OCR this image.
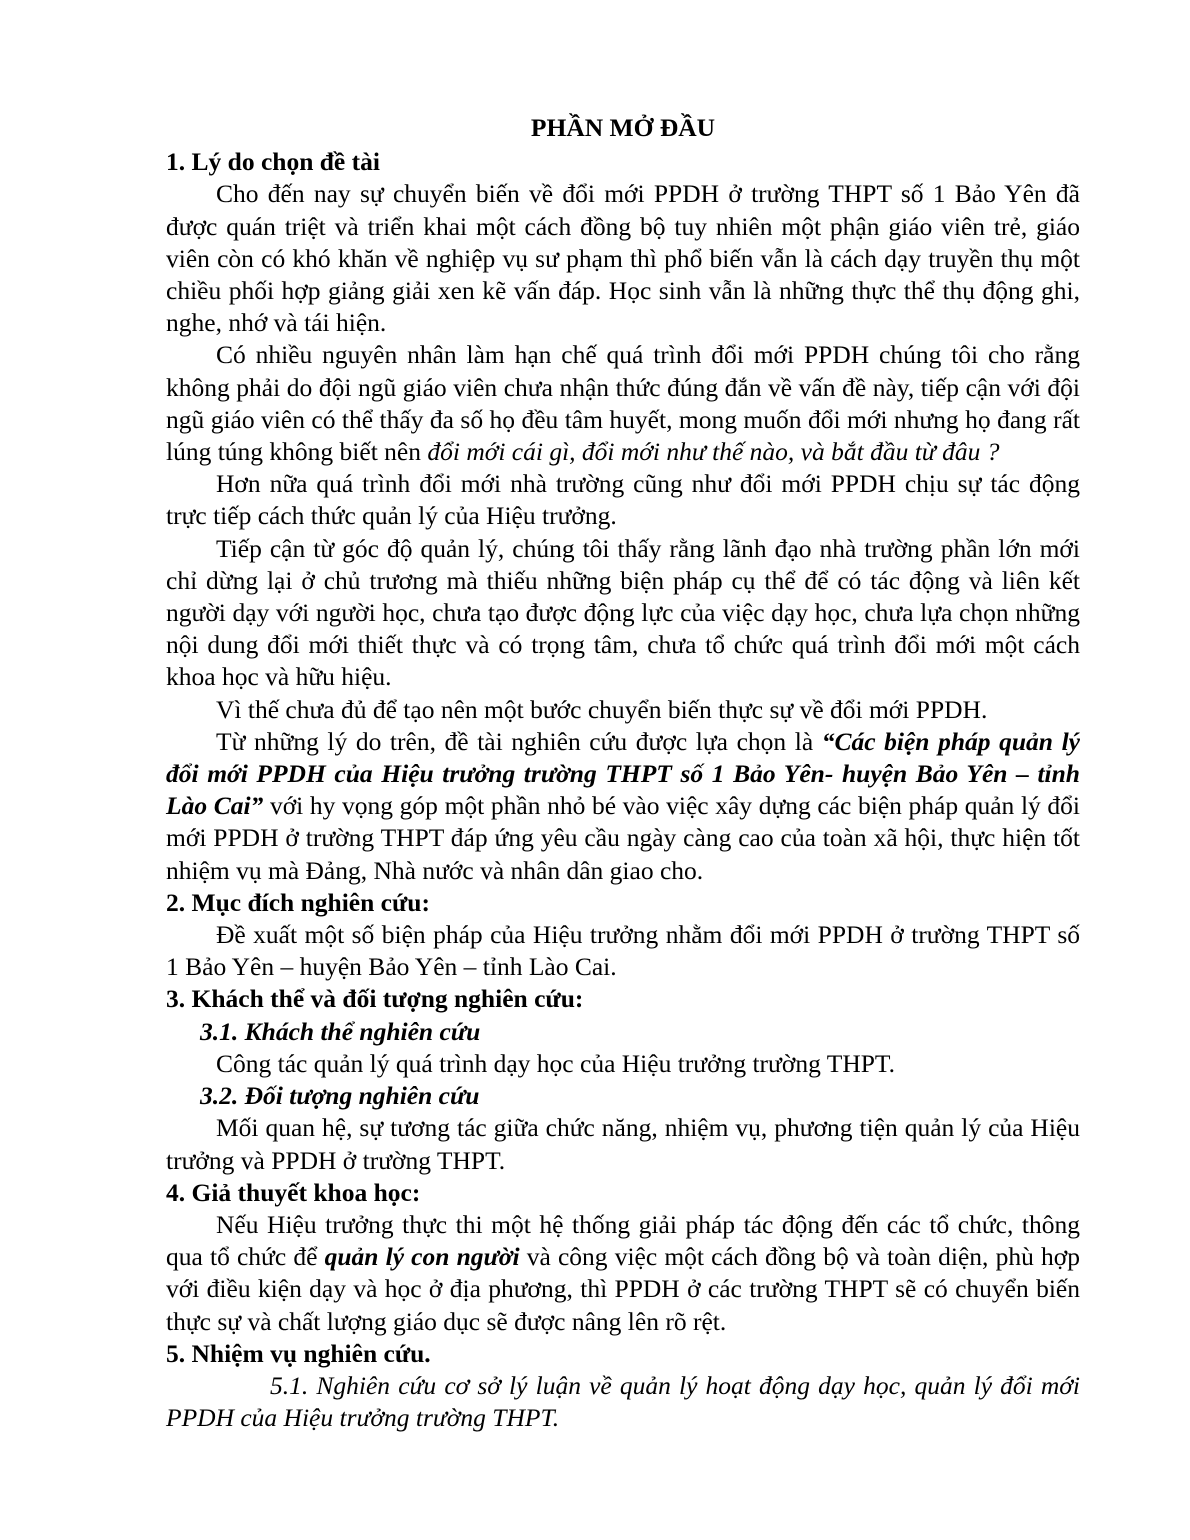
PHẦN MỞ ĐẦU
1. Lý do chọn đề tài

Cho đến nay sự chuyển biến về đổi mới PPDH ở trường THPT số 1 Bảo Yên đã được quán triệt và triển khai một cách đồng bộ tuy nhiên một phận giáo viên trẻ, giáo viên còn có khó khăn về nghiệp vụ sư phạm thì phổ biến vẫn là cách dạy truyền thụ một chiều phối hợp giảng giải xen kẽ vấn đáp. Học sinh vẫn là những thực thể thụ động ghi, nghe, nhớ và tái hiện.

Có nhiều nguyên nhân làm hạn chế quá trình đổi mới PPDH chúng tôi cho rằng không phải do đội ngũ giáo viên chưa nhận thức đúng đắn về vấn đề này, tiếp cận với đội ngũ giáo viên có thể thấy đa số họ đều tâm huyết, mong muốn đổi mới nhưng họ đang rất lúng túng không biết nên đổi mới cái gì, đổi mới như thế nào, và bắt đầu từ đâu ?

Hơn nữa quá trình đổi mới nhà trường cũng như đổi mới PPDH chịu sự tác động trực tiếp cách thức quản lý của Hiệu trưởng.

Tiếp cận từ góc độ quản lý, chúng tôi thấy rằng lãnh đạo nhà trường phần lớn mới chỉ dừng lại ở chủ trương mà thiếu những biện pháp cụ thể để có tác động và liên kết người dạy với người học, chưa tạo được động lực của việc dạy học, chưa lựa chọn những nội dung đổi mới thiết thực và có trọng tâm, chưa tổ chức quá trình đổi mới một cách khoa học và hữu hiệu.

Vì thế chưa đủ để tạo nên một bước chuyển biến thực sự về đổi mới PPDH.

Từ những lý do trên, đề tài nghiên cứu được lựa chọn là “Các biện pháp quản lý đổi mới PPDH của Hiệu trưởng trường THPT số 1 Bảo Yên- huyện Bảo Yên – tỉnh Lào Cai” với hy vọng góp một phần nhỏ bé vào việc xây dựng các biện pháp quản lý đổi mới PPDH ở trường THPT đáp ứng yêu cầu ngày càng cao của toàn xã hội, thực hiện tốt nhiệm vụ mà Đảng, Nhà nước và nhân dân giao cho.

2. Mục đích nghiên cứu:

Đề xuất một số biện pháp của Hiệu trưởng nhằm đổi mới PPDH ở trường THPT số 1 Bảo Yên – huyện Bảo Yên – tỉnh Lào Cai.

3. Khách thể và đối tượng nghiên cứu:
3.1. Khách thể nghiên cứu

Công tác quản lý quá trình dạy học của Hiệu trưởng trường THPT.

3.2. Đối tượng nghiên cứu

Mối quan hệ, sự tương tác giữa chức năng, nhiệm vụ, phương tiện quản lý của Hiệu trưởng và PPDH ở trường THPT.

4. Giả thuyết khoa học:

Nếu Hiệu trưởng thực thi một hệ thống giải pháp tác động đến các tổ chức, thông qua tổ chức để quản lý con người và công việc một cách đồng bộ và toàn diện, phù hợp với điều kiện dạy và học ở địa phương, thì PPDH ở các trường THPT sẽ có chuyển biến thực sự và chất lượng giáo dục sẽ được nâng lên rõ rệt.

5. Nhiệm vụ nghiên cứu.

5.1. Nghiên cứu cơ sở lý luận về quản lý hoạt động dạy học, quản lý đổi mới PPDH của Hiệu trưởng trường THPT.
